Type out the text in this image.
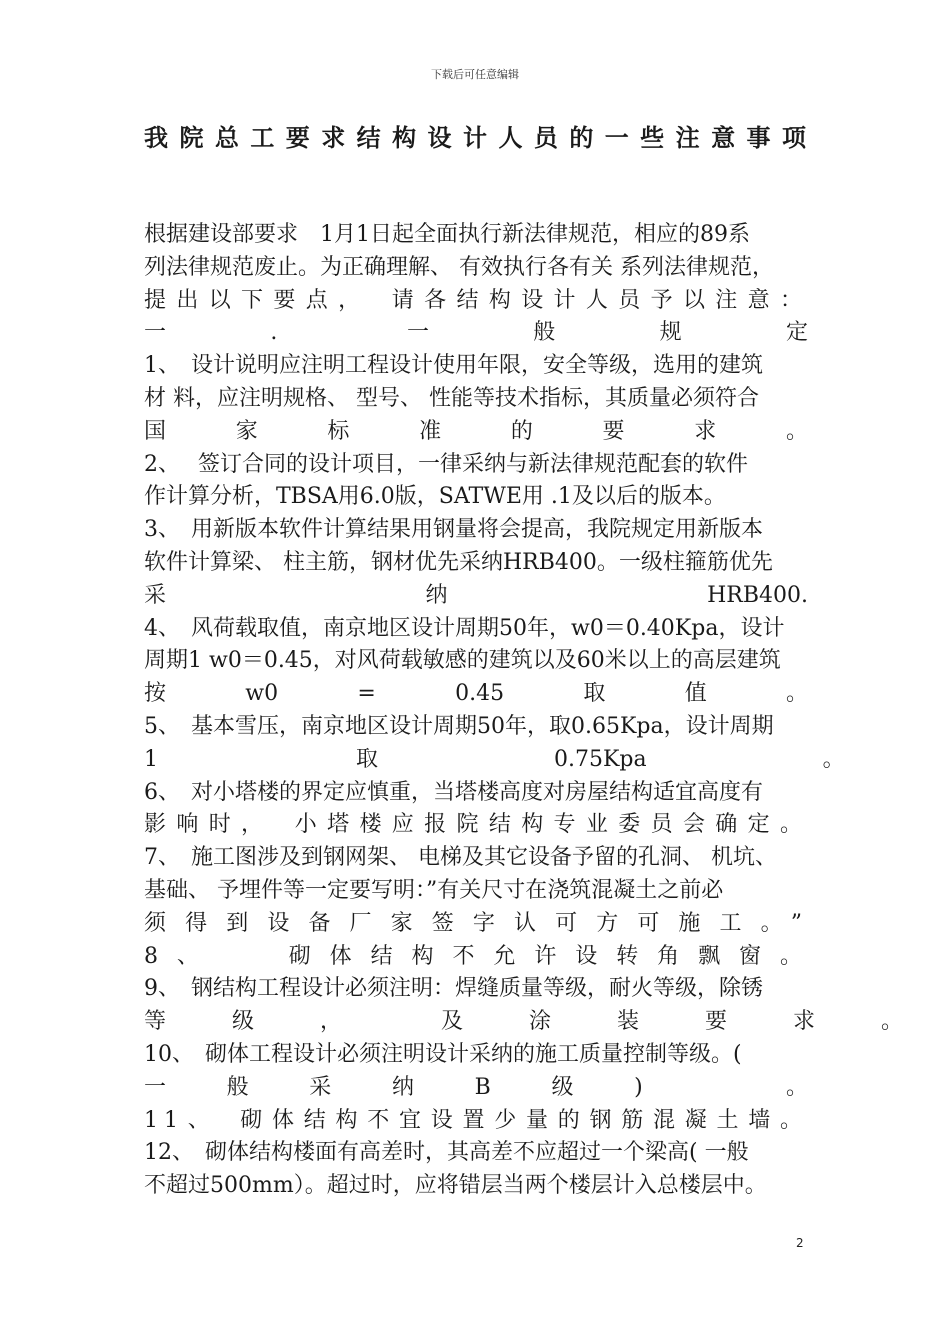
下载后可任意编辑
我院总工要求结构设计人员的一些注意事项
根据建设部要求　1月1日起全面执行新法律规范，相应的89系
列法律规范废止。为正确理解、 有效执行各有关 系列法律规范，
提出以下要点，　请各结构设计人员予以注意：
一　　　　.　　　　　一　　　　般　　　　规　　　　定
1、　设计说明应注明工程设计使用年限，安全等级，选用的建筑
材 料，应注明规格、 型号、 性能等技术指标，其质量必须符合
国　　　家　　　标　　　准　　　的　　　要　　　求　　　。
2、　 签订合同的设计项目，一律采纳与新法律规范配套的软件
作计算分析，TBSA用6.0版，SATWE用 .1及以后的版本。
3、　用新版本软件计算结果用钢量将会提高，我院规定用新版本
软件计算梁、 柱主筋，钢材优先采纳HRB400。一级柱箍筋优先
采　　　　　　　　　　　纳　　　　　　　　　　　HRB400.
4、　风荷载取值，南京地区设计周期50年，w0＝0.40Kpa，设计
周期1 w0＝0.45，对风荷载敏感的建筑以及60米以上的高层建筑
按　　　w0　　　=　　　0.45　　　取　　　值　　　。
5、　基本雪压，南京地区设计周期50年，取0.65Kpa，设计周期
1　　　　　　　　　取　　　　　　　　0.75Kpa　　　　　　　　。
6、　对小塔楼的界定应慎重，当塔楼高度对房屋结构适宜高度有
影响时，　小塔楼应报院结构专业委员会确定。
7、　施工图涉及到钢网架、 电梯及其它设备予留的孔洞、 机坑、
基础、 予埋件等一定要写明：”有关尺寸在浇筑混凝土之前必
须得到设备厂家签字认可方可施工。”
8、　　砌体结构不允许设转角飘窗。
9、　钢结构工程设计必须注明：焊缝质量等级，耐火等级，除锈
等　　　级　　　，　　　　　及　　　涂　　　装　　　要　　　求　　　。
10、　砌体工程设计必须注明设计采纳的施工质量控制等级。(
一　　般　　采　　纳　　B　　级　　)　　　　　。
11、　砌体结构不宜设置少量的钢筋混凝土墙。
12、　砌体结构楼面有高差时，其高差不应超过一个梁高( 一般
不超过500mm）。超过时，应将错层当两个楼层计入总楼层中。
2
